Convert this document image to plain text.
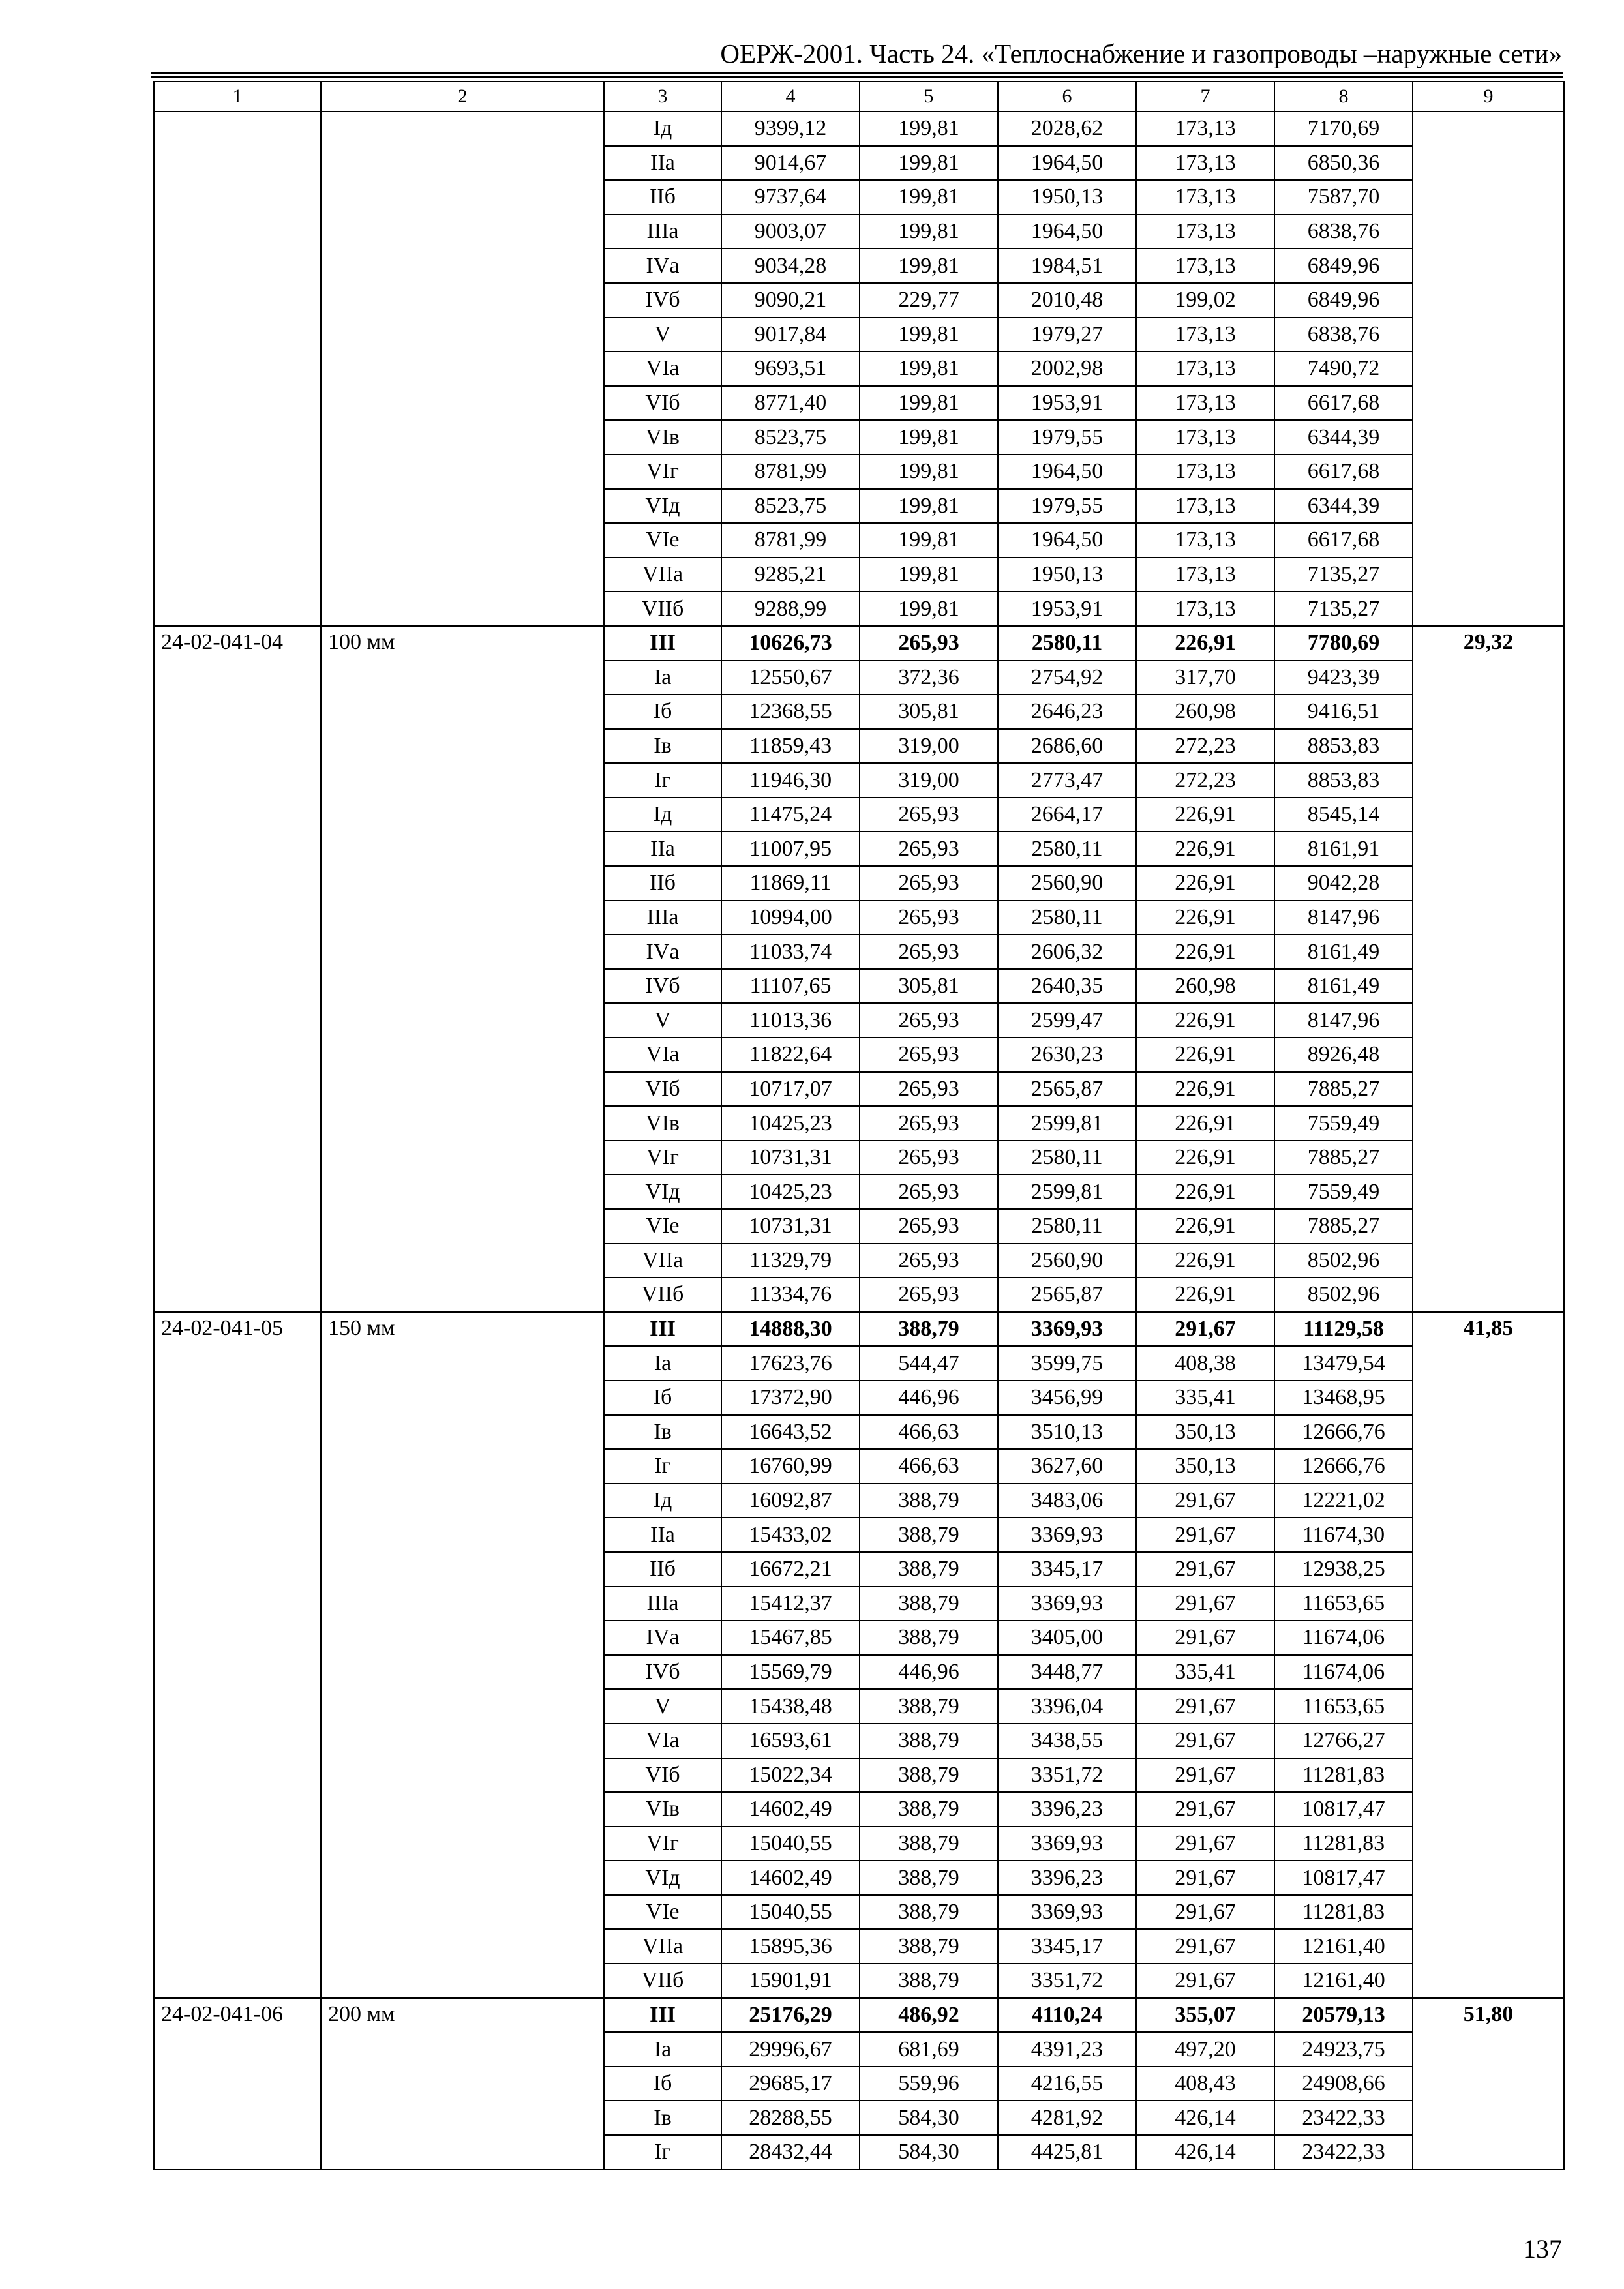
ОЕРЖ-2001. Часть 24. «Теплоснабжение и газопроводы –наружные сети»
1	2	3	4	5	6	7	8	9
		Iд	9399,12	199,81	2028,62	173,13	7170,69	
		IIа	9014,67	199,81	1964,50	173,13	6850,36	
		IIб	9737,64	199,81	1950,13	173,13	7587,70	
		IIIа	9003,07	199,81	1964,50	173,13	6838,76	
		IVа	9034,28	199,81	1984,51	173,13	6849,96	
		IVб	9090,21	229,77	2010,48	199,02	6849,96	
		V	9017,84	199,81	1979,27	173,13	6838,76	
		VIа	9693,51	199,81	2002,98	173,13	7490,72	
		VIб	8771,40	199,81	1953,91	173,13	6617,68	
		VIв	8523,75	199,81	1979,55	173,13	6344,39	
		VIг	8781,99	199,81	1964,50	173,13	6617,68	
		VIд	8523,75	199,81	1979,55	173,13	6344,39	
		VIе	8781,99	199,81	1964,50	173,13	6617,68	
		VIIа	9285,21	199,81	1950,13	173,13	7135,27	
		VIIб	9288,99	199,81	1953,91	173,13	7135,27	
24-02-041-04	100 мм	III	10626,73	265,93	2580,11	226,91	7780,69	29,32
		Iа	12550,67	372,36	2754,92	317,70	9423,39	
		Iб	12368,55	305,81	2646,23	260,98	9416,51	
		Iв	11859,43	319,00	2686,60	272,23	8853,83	
		Iг	11946,30	319,00	2773,47	272,23	8853,83	
		Iд	11475,24	265,93	2664,17	226,91	8545,14	
		IIа	11007,95	265,93	2580,11	226,91	8161,91	
		IIб	11869,11	265,93	2560,90	226,91	9042,28	
		IIIа	10994,00	265,93	2580,11	226,91	8147,96	
		IVа	11033,74	265,93	2606,32	226,91	8161,49	
		IVб	11107,65	305,81	2640,35	260,98	8161,49	
		V	11013,36	265,93	2599,47	226,91	8147,96	
		VIа	11822,64	265,93	2630,23	226,91	8926,48	
		VIб	10717,07	265,93	2565,87	226,91	7885,27	
		VIв	10425,23	265,93	2599,81	226,91	7559,49	
		VIг	10731,31	265,93	2580,11	226,91	7885,27	
		VIд	10425,23	265,93	2599,81	226,91	7559,49	
		VIе	10731,31	265,93	2580,11	226,91	7885,27	
		VIIа	11329,79	265,93	2560,90	226,91	8502,96	
		VIIб	11334,76	265,93	2565,87	226,91	8502,96	
24-02-041-05	150 мм	III	14888,30	388,79	3369,93	291,67	11129,58	41,85
		Iа	17623,76	544,47	3599,75	408,38	13479,54	
		Iб	17372,90	446,96	3456,99	335,41	13468,95	
		Iв	16643,52	466,63	3510,13	350,13	12666,76	
		Iг	16760,99	466,63	3627,60	350,13	12666,76	
		Iд	16092,87	388,79	3483,06	291,67	12221,02	
		IIа	15433,02	388,79	3369,93	291,67	11674,30	
		IIб	16672,21	388,79	3345,17	291,67	12938,25	
		IIIа	15412,37	388,79	3369,93	291,67	11653,65	
		IVа	15467,85	388,79	3405,00	291,67	11674,06	
		IVб	15569,79	446,96	3448,77	335,41	11674,06	
		V	15438,48	388,79	3396,04	291,67	11653,65	
		VIа	16593,61	388,79	3438,55	291,67	12766,27	
		VIб	15022,34	388,79	3351,72	291,67	11281,83	
		VIв	14602,49	388,79	3396,23	291,67	10817,47	
		VIг	15040,55	388,79	3369,93	291,67	11281,83	
		VIд	14602,49	388,79	3396,23	291,67	10817,47	
		VIе	15040,55	388,79	3369,93	291,67	11281,83	
		VIIа	15895,36	388,79	3345,17	291,67	12161,40	
		VIIб	15901,91	388,79	3351,72	291,67	12161,40	
24-02-041-06	200 мм	III	25176,29	486,92	4110,24	355,07	20579,13	51,80
		Iа	29996,67	681,69	4391,23	497,20	24923,75	
		Iб	29685,17	559,96	4216,55	408,43	24908,66	
		Iв	28288,55	584,30	4281,92	426,14	23422,33	
		Iг	28432,44	584,30	4425,81	426,14	23422,33	
137
